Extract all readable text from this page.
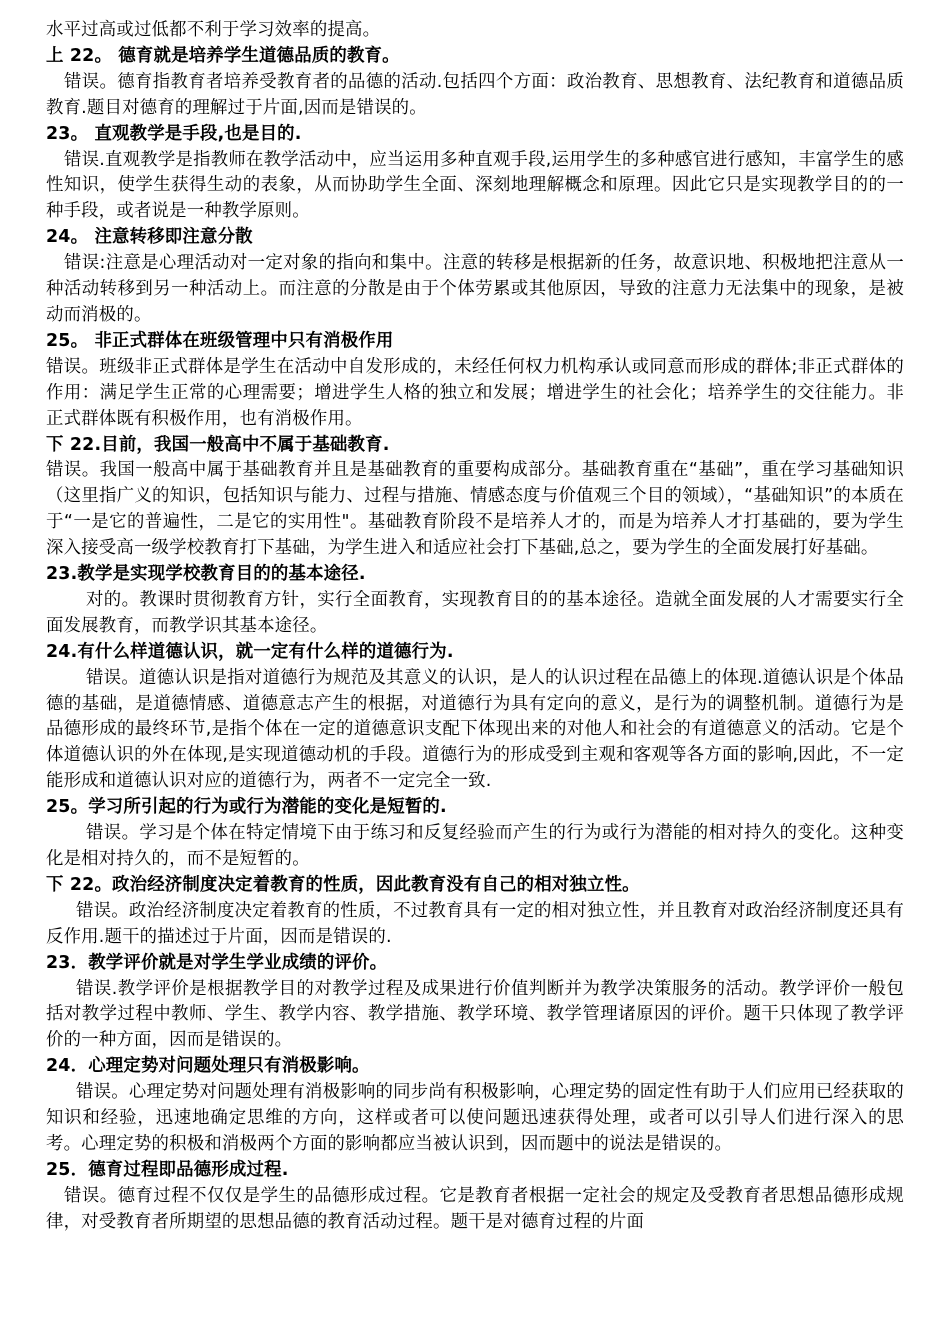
水平过高或过低都不利于学习效率的提高。

上 22。 德育就是培养学生道德品质的教育。

错误。德育指教育者培养受教育者的品德的活动.包括四个方面：政治教育、思想教育、法纪教育和道德品质教育.题目对德育的理解过于片面,因而是错误的。

23。 直观教学是手段,也是目的.

错误.直观教学是指教师在教学活动中，应当运用多种直观手段,运用学生的多种感官进行感知，丰富学生的感性知识，使学生获得生动的表象，从而协助学生全面、深刻地理解概念和原理。因此它只是实现教学目的的一种手段，或者说是一种教学原则。

24。 注意转移即注意分散

错误:注意是心理活动对一定对象的指向和集中。注意的转移是根据新的任务，故意识地、积极地把注意从一种活动转移到另一种活动上。而注意的分散是由于个体劳累或其他原因，导致的注意力无法集中的现象，是被动而消极的。

25。 非正式群体在班级管理中只有消极作用

错误。班级非正式群体是学生在活动中自发形成的，未经任何权力机构承认或同意而形成的群体;非正式群体的作用：满足学生正常的心理需要；增进学生人格的独立和发展；增进学生的社会化；培养学生的交往能力。非正式群体既有积极作用，也有消极作用。

下 22.目前，我国一般高中不属于基础教育.

错误。我国一般高中属于基础教育并且是基础教育的重要构成部分。基础教育重在“基础”，重在学习基础知识（这里指广义的知识，包括知识与能力、过程与措施、情感态度与价值观三个目的领域），“基础知识”的本质在于“一是它的普遍性，二是它的实用性"。基础教育阶段不是培养人才的，而是为培养人才打基础的，要为学生深入接受高一级学校教育打下基础，为学生进入和适应社会打下基础,总之，要为学生的全面发展打好基础。

23.教学是实现学校教育目的的基本途径.

对的。教课时贯彻教育方针，实行全面教育，实现教育目的的基本途径。造就全面发展的人才需要实行全面发展教育，而教学识其基本途径。

24.有什么样道德认识，就一定有什么样的道德行为.

错误。道德认识是指对道德行为规范及其意义的认识，是人的认识过程在品德上的体现.道德认识是个体品德的基础，是道德情感、道德意志产生的根据，对道德行为具有定向的意义，是行为的调整机制。道德行为是品德形成的最终环节,是指个体在一定的道德意识支配下体现出来的对他人和社会的有道德意义的活动。它是个体道德认识的外在体现,是实现道德动机的手段。道德行为的形成受到主观和客观等各方面的影响,因此，不一定能形成和道德认识对应的道德行为，两者不一定完全一致.

25。学习所引起的行为或行为潜能的变化是短暂的.

错误。学习是个体在特定情境下由于练习和反复经验而产生的行为或行为潜能的相对持久的变化。这种变化是相对持久的，而不是短暂的。

下 22。政治经济制度决定着教育的性质，因此教育没有自己的相对独立性。

错误。政治经济制度决定着教育的性质，不过教育具有一定的相对独立性，并且教育对政治经济制度还具有反作用.题干的描述过于片面，因而是错误的.

23．教学评价就是对学生学业成绩的评价。

错误.教学评价是根据教学目的对教学过程及成果进行价值判断并为教学决策服务的活动。教学评价一般包括对教学过程中教师、学生、教学内容、教学措施、教学环境、教学管理诸原因的评价。题干只体现了教学评价的一种方面，因而是错误的。

24．心理定势对问题处理只有消极影响。

错误。心理定势对问题处理有消极影响的同步尚有积极影响，心理定势的固定性有助于人们应用已经获取的知识和经验，迅速地确定思维的方向，这样或者可以使问题迅速获得处理，或者可以引导人们进行深入的思考。心理定势的积极和消极两个方面的影响都应当被认识到，因而题中的说法是错误的。

25．德育过程即品德形成过程.

错误。德育过程不仅仅是学生的品德形成过程。它是教育者根据一定社会的规定及受教育者思想品德形成规律，对受教育者所期望的思想品德的教育活动过程。题干是对德育过程的片面
